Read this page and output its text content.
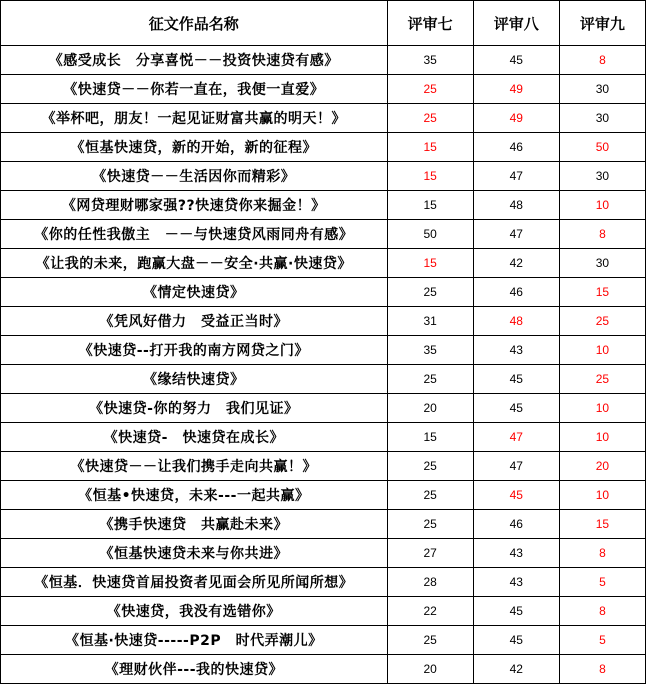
征文作品名称	评审七	评审八	评审九
《感受成长　分享喜悦－－投资快速贷有感》	35	45	8
《快速贷－－你若一直在，我便一直爱》	25	49	30
《举杯吧，朋友！一起见证财富共赢的明天！》	25	49	30
《恒基快速贷，新的开始，新的征程》	15	46	50
《快速贷－－生活因你而精彩》	15	47	30
《网贷理财哪家强??快速贷你来掘金！》	15	48	10
《你的任性我傲主　－－与快速贷风雨同舟有感》	50	47	8
《让我的未来，跑赢大盘－－安全·共赢·快速贷》	15	42	30
《情定快速贷》	25	46	15
《凭风好借力　受益正当时》	31	48	25
《快速贷--打开我的南方网贷之门》	35	43	10
《缘结快速贷》	25	45	25
《快速贷-你的努力　我们见证》	20	45	10
《快速贷-　快速贷在成长》	15	47	10
《快速贷－－让我们携手走向共赢！》	25	47	20
《恒基•快速贷，未来---一起共赢》	25	45	10
《携手快速贷　共赢赴未来》	25	46	15
《恒基快速贷未来与你共进》	27	43	8
《恒基．快速贷首届投资者见面会所见所闻所想》	28	43	5
《快速贷，我没有选错你》	22	45	8
《恒基·快速贷-----P2P　时代弄潮儿》	25	45	5
《理财伙伴---我的快速贷》	20	42	8
